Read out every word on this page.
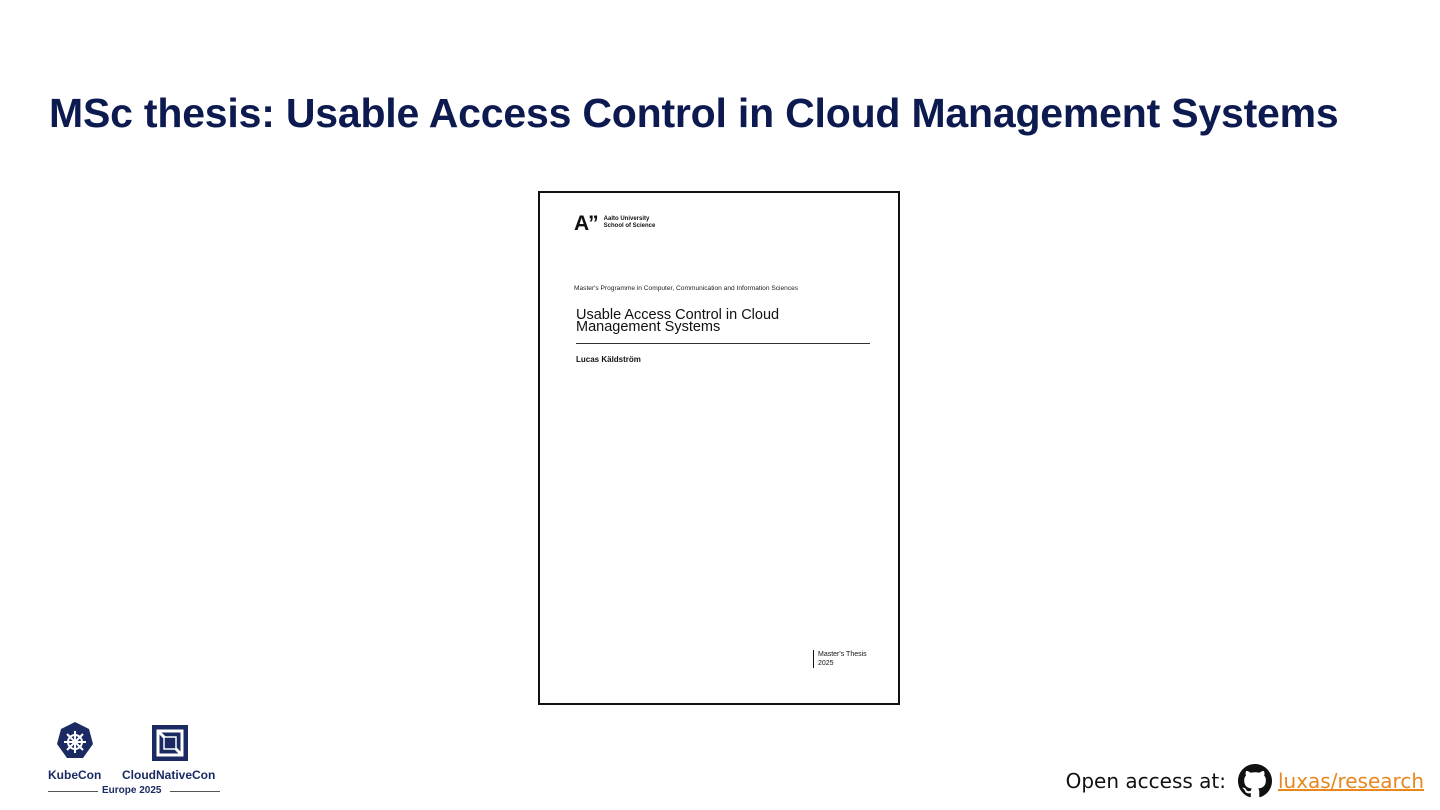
MSc thesis: Usable Access Control in Cloud Management Systems
A” Aalto University
School of Science
Master's Programme in Computer, Communication and Information Sciences
Usable Access Control in Cloud
Management Systems
Lucas Käldström
Master's Thesis
2025
KubeCon CloudNativeCon
Europe 2025	Open access at:	luxas/research
